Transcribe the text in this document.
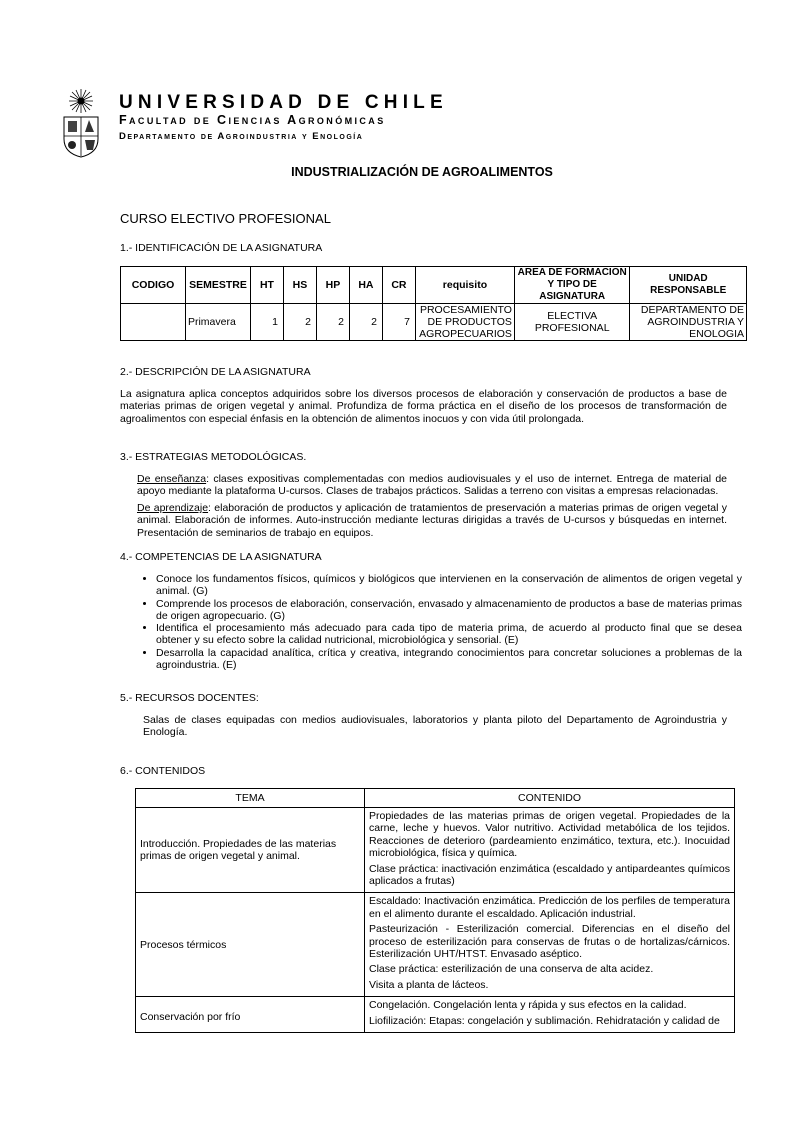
UNIVERSIDAD DE CHILE
Facultad de Ciencias Agronómicas
Departamento de Agroindustria y Enología
INDUSTRIALIZACIÓN DE AGROALIMENTOS
CURSO ELECTIVO PROFESIONAL
1.- IDENTIFICACIÓN DE LA ASIGNATURA
CODIGO	SEMESTRE	HT	HS	HP	HA	CR	requisito	AREA DE FORMACION Y TIPO DE ASIGNATURA	UNIDAD RESPONSABLE
	Primavera	1	2	2	2	7	PROCESAMIENTO DE PRODUCTOS AGROPECUARIOS	ELECTIVA PROFESIONAL	DEPARTAMENTO DE AGROINDUSTRIA Y ENOLOGIA
2.- DESCRIPCIÓN DE LA ASIGNATURA
La asignatura aplica conceptos adquiridos sobre los diversos procesos de elaboración y conservación de productos a base de materias primas de origen vegetal y animal. Profundiza de forma práctica en el diseño de los procesos de transformación de agroalimentos con especial énfasis en la obtención de alimentos inocuos y con vida útil prolongada.
3.- ESTRATEGIAS METODOLÓGICAS.
De enseñanza: clases expositivas complementadas con medios audiovisuales y el uso de internet. Entrega de material de apoyo mediante la plataforma U-cursos. Clases de trabajos prácticos. Salidas a terreno con visitas a empresas relacionadas.
De aprendizaje: elaboración de productos y aplicación de tratamientos de preservación a materias primas de origen vegetal y animal. Elaboración de informes. Auto-instrucción mediante lecturas dirigidas a través de U-cursos y búsquedas en internet. Presentación de seminarios de trabajo en equipos.
4.- COMPETENCIAS DE LA ASIGNATURA
• Conoce los fundamentos físicos, químicos y biológicos que intervienen en la conservación de alimentos de origen vegetal y animal. (G)
• Comprende los procesos de elaboración, conservación, envasado y almacenamiento de productos a base de materias primas de origen agropecuario. (G)
• Identifica el procesamiento más adecuado para cada tipo de materia prima, de acuerdo al producto final que se desea obtener y su efecto sobre la calidad nutricional, microbiológica y sensorial. (E)
• Desarrolla la capacidad analítica, crítica y creativa, integrando conocimientos para concretar soluciones a problemas de la agroindustria. (E)
5.- RECURSOS DOCENTES:
Salas de clases equipadas con medios audiovisuales, laboratorios y planta piloto del Departamento de Agroindustria y Enología.
6.- CONTENIDOS
TEMA	CONTENIDO
Introducción. Propiedades de las materias primas de origen vegetal y animal.	Propiedades de las materias primas de origen vegetal. Propiedades de la carne, leche y huevos. Valor nutritivo. Actividad metabólica de los tejidos. Reacciones de deterioro (pardeamiento enzimático, textura, etc.). Inocuidad microbiológica, física y química.

Clase práctica: inactivación enzimática (escaldado y antipardeantes químicos aplicados a frutas)

Procesos térmicos	Escaldado: Inactivación enzimática. Predicción de los perfiles de temperatura en el alimento durante el escaldado. Aplicación industrial.

Pasteurización - Esterilización comercial. Diferencias en el diseño del proceso de esterilización para conservas de frutas o de hortalizas/cárnicos. Esterilización UHT/HTST. Envasado aséptico.

Clase práctica: esterilización de una conserva de alta acidez.

Visita a planta de lácteos.

Conservación por frío	Congelación. Congelación lenta y rápida y sus efectos en la calidad.

Liofilización: Etapas: congelación y sublimación. Rehidratación y calidad de
